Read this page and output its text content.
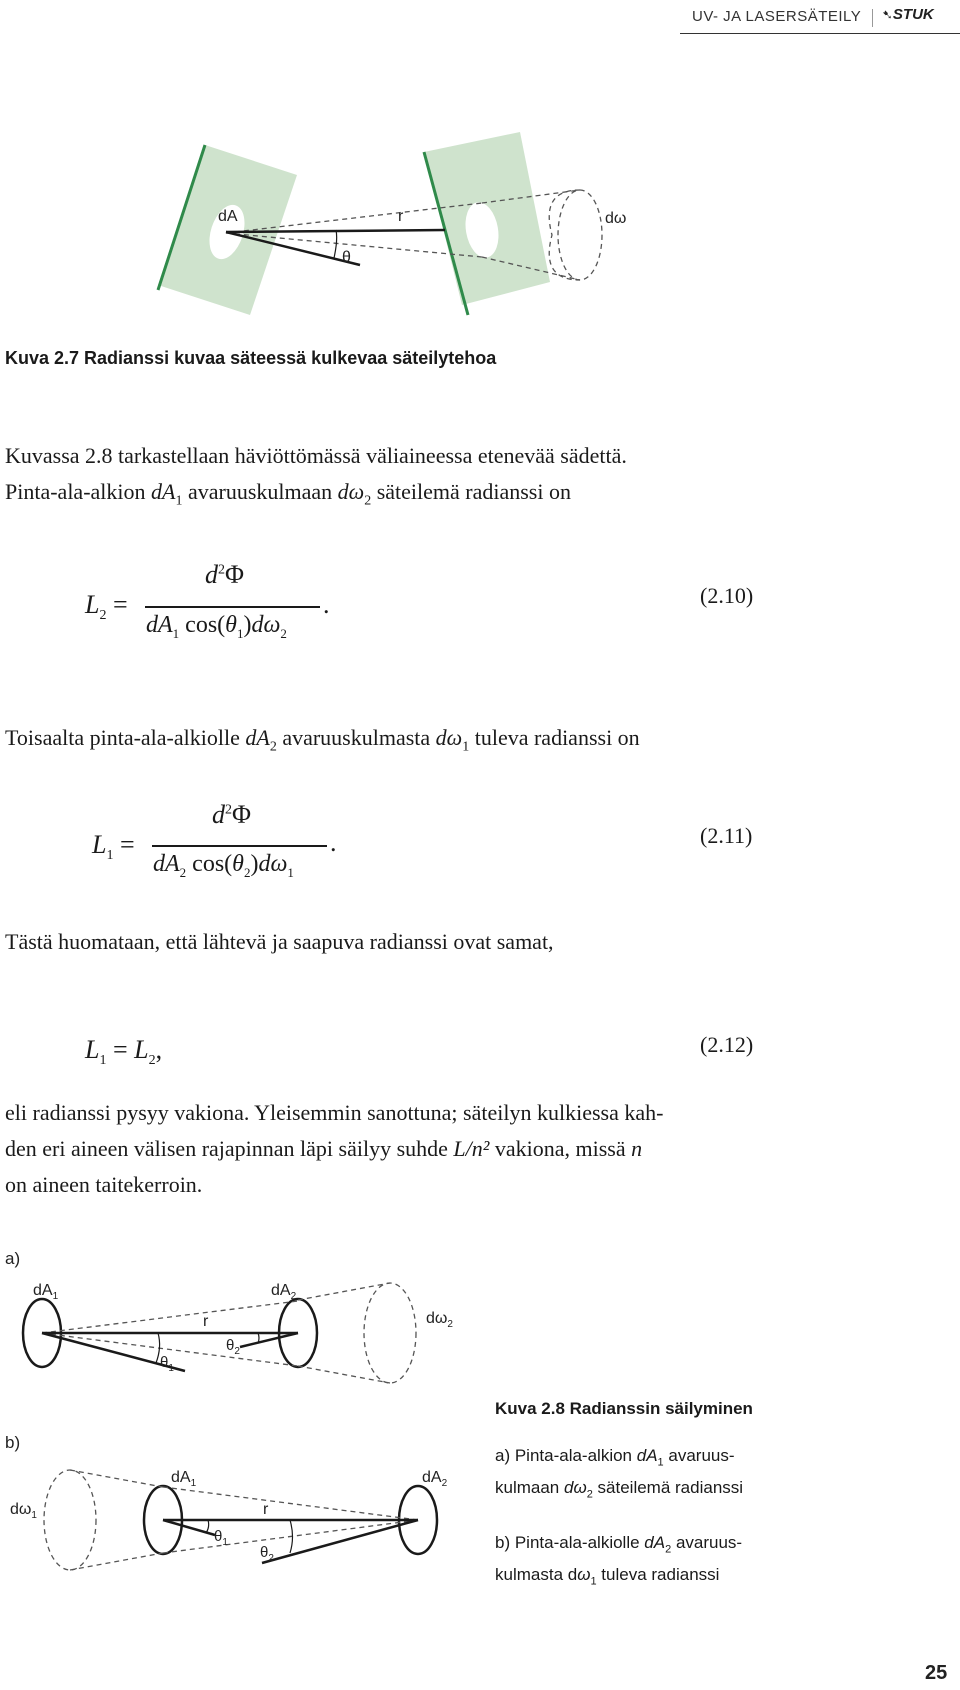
UV- JA LASERSÄTEILY ➷STUK
dA	r	dω
θ
Kuva 2.7 Radianssi kuvaa säteessä kulkevaa säteilytehoa
Kuvassa 2.8 tarkastellaan häviöttömässä väliaineessa etenevää sädettä.
Pinta-ala-alkion $dA_1$ avaruuskulmaan $d\omega_2$ säteilemä radianssi on
$L_2$ =
$d^2\Phi$
$dA_1$ $\cos(\theta_1)d\omega_2$
.	(2.10)
Toisaalta pinta-ala-alkiolle $dA_2$ avaruuskulmasta $d\omega_1$ tuleva radianssi on
$L_1$ =
$d^2\Phi$
$dA_2$ $\cos(\theta_2)d\omega_1$
.	(2.11)
Tästä huomataan, että lähtevä ja saapuva radianssi ovat samat,
$L_1 = L_2$,	(2.12)
eli radianssi pysyy vakiona. Yleisemmin sanottuna; säteilyn kulkiessa kah-
den eri aineen välisen rajapinnan läpi säilyy suhde L/n² vakiona, missä n
on aineen taitekerroin.
a)
$dA_1$	$dA_2$
r
$\theta_1$
$\theta_2$
$d\omega_2$
b)
$d\omega_1$
$dA_1$	$dA_2$
r
$\theta_1$
$\theta_2$
Kuva 2.8 Radianssin säilyminen
a) Pinta-ala-alkion $dA_1$ avaruus-
kulmaan $d\omega_2$ säteilemä radianssi
b) Pinta-ala-alkiolle $dA_2$ avaruus-
kulmasta $d\omega_1$ tuleva radianssi
25
